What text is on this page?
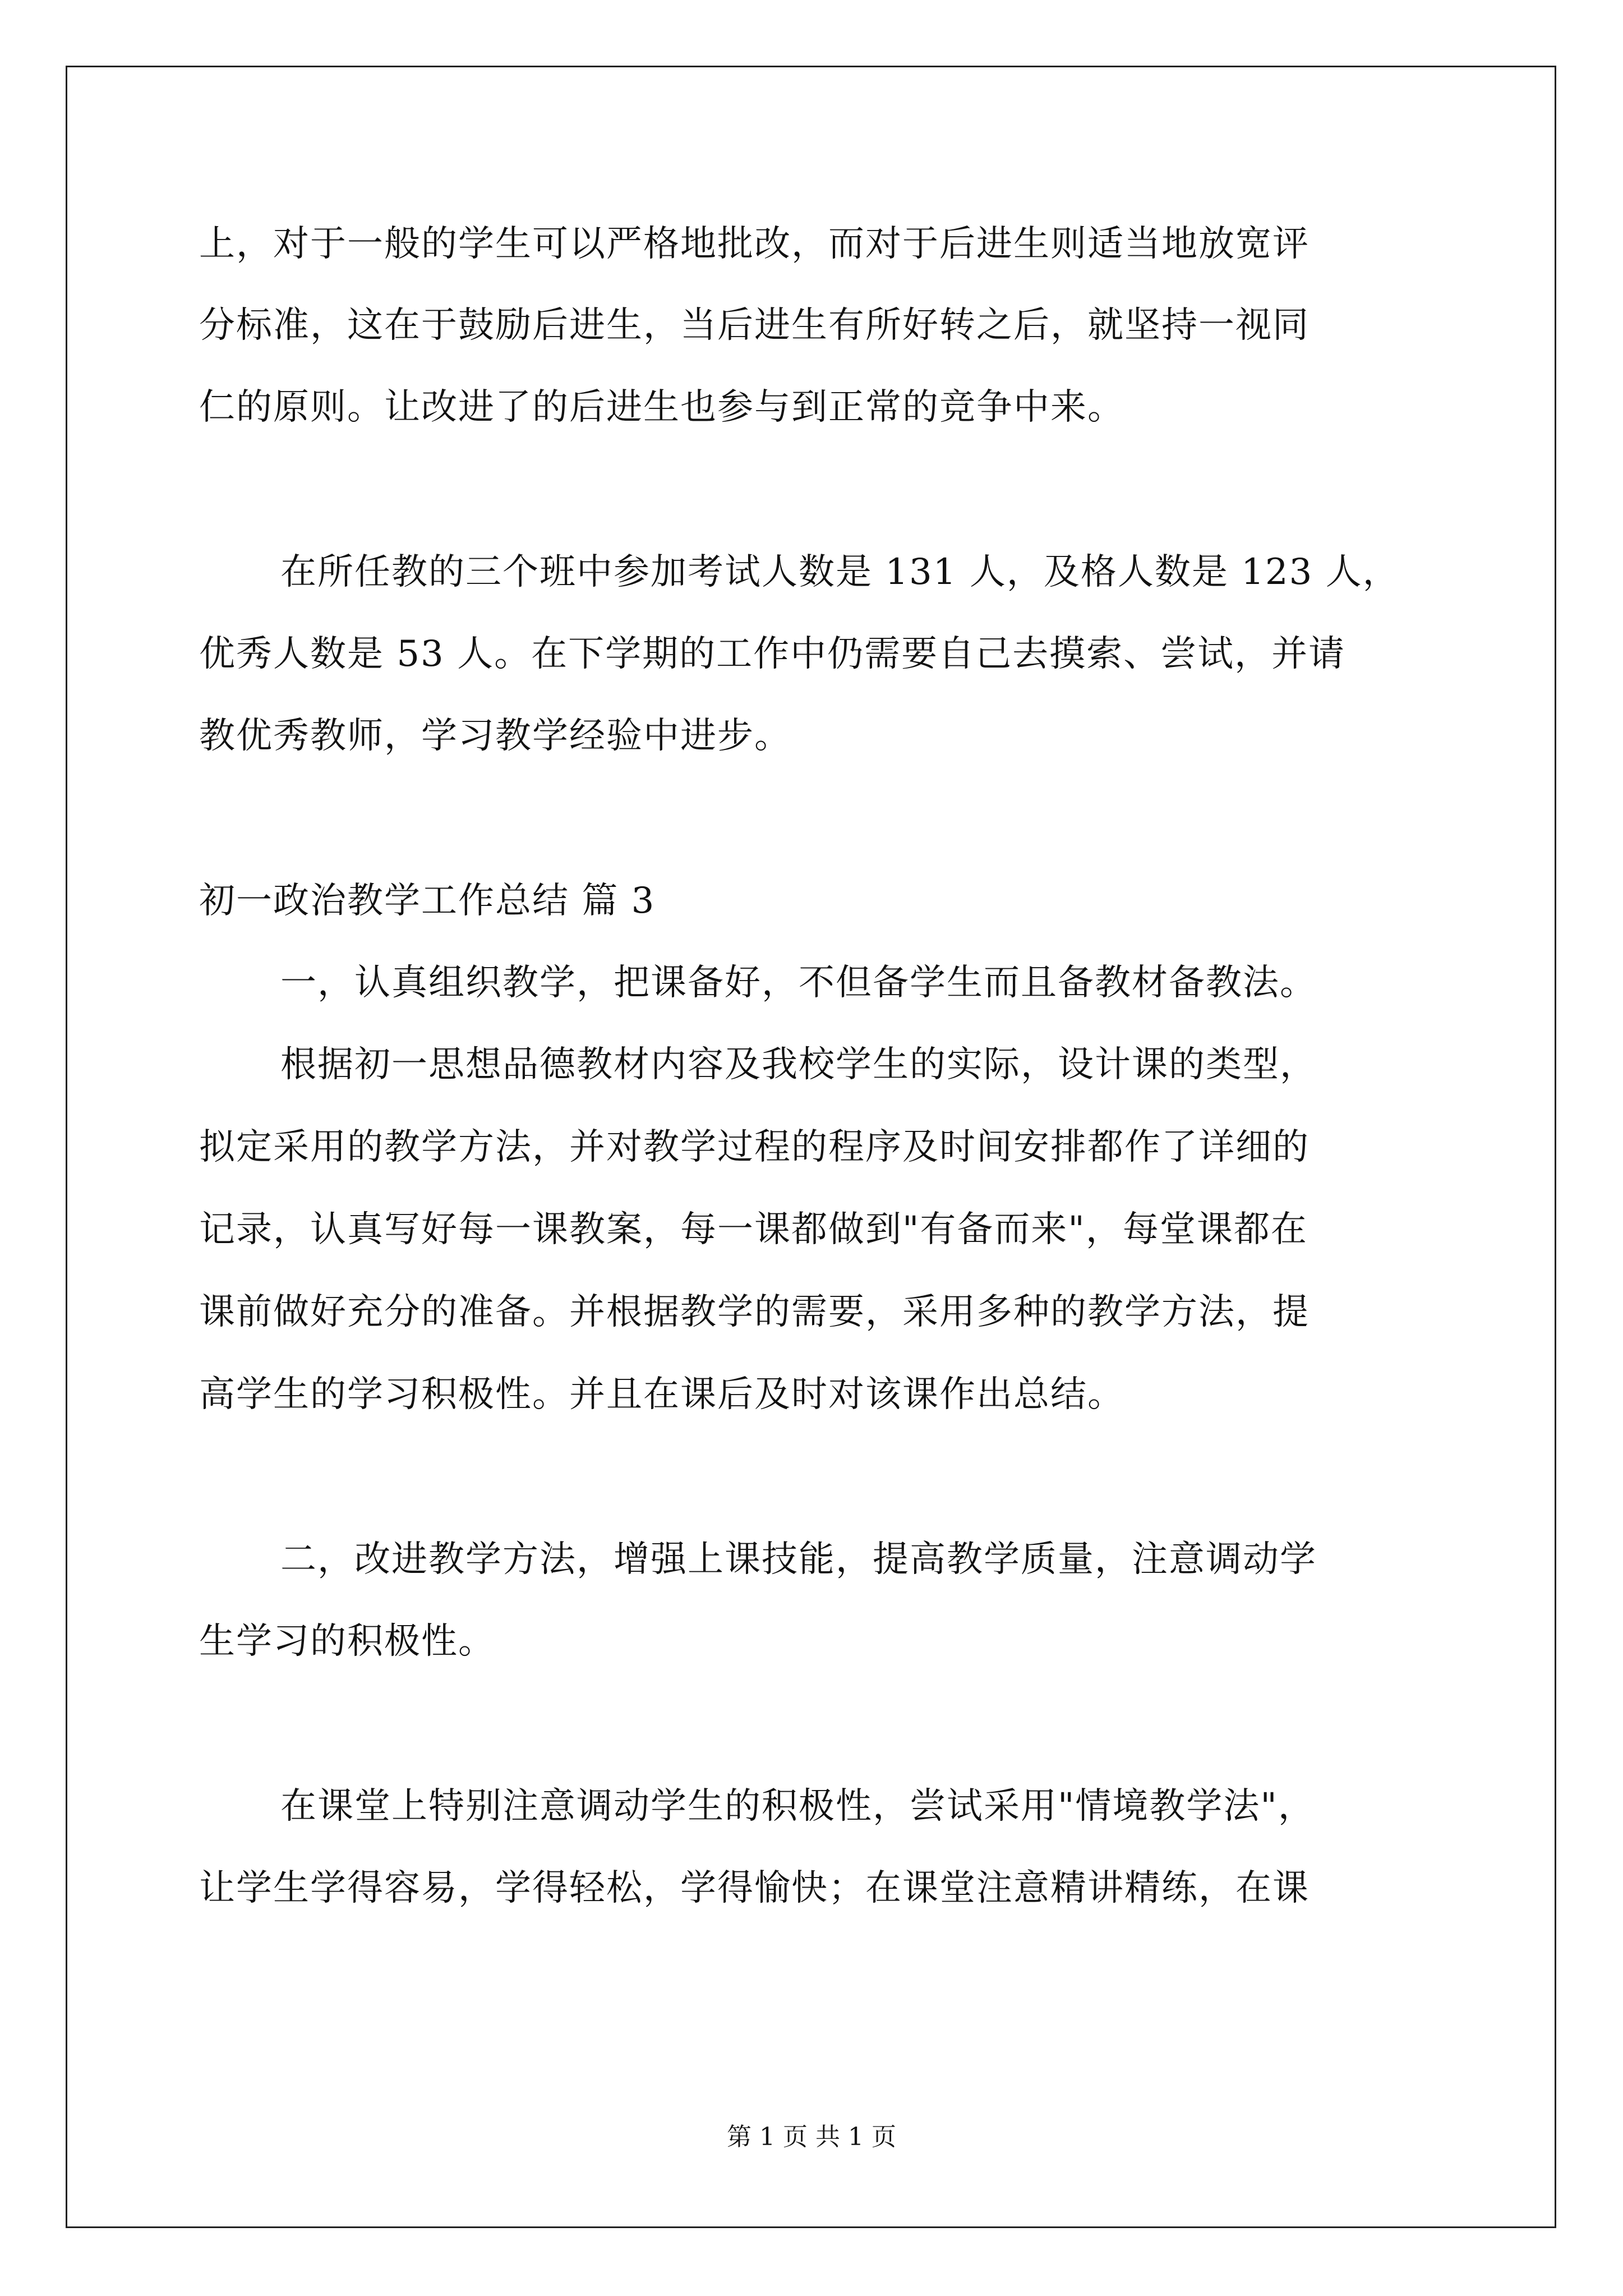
上，对于一般的学生可以严格地批改，而对于后进生则适当地放宽评
分标准，这在于鼓励后进生，当后进生有所好转之后，就坚持一视同
仁的原则。让改进了的后进生也参与到正常的竞争中来。
在所任教的三个班中参加考试人数是 131 人，及格人数是 123 人，
优秀人数是 53 人。在下学期的工作中仍需要自己去摸索、尝试，并请
教优秀教师，学习教学经验中进步。
初一政治教学工作总结 篇 3
一，认真组织教学，把课备好，不但备学生而且备教材备教法。
根据初一思想品德教材内容及我校学生的实际，设计课的类型，
拟定采用的教学方法，并对教学过程的程序及时间安排都作了详细的
记录，认真写好每一课教案，每一课都做到"有备而来"，每堂课都在
课前做好充分的准备。并根据教学的需要，采用多种的教学方法，提
高学生的学习积极性。并且在课后及时对该课作出总结。
二，改进教学方法，增强上课技能，提高教学质量，注意调动学
生学习的积极性。
在课堂上特别注意调动学生的积极性，尝试采用"情境教学法"，
让学生学得容易，学得轻松，学得愉快；在课堂注意精讲精练，在课
第 1 页 共 1 页
